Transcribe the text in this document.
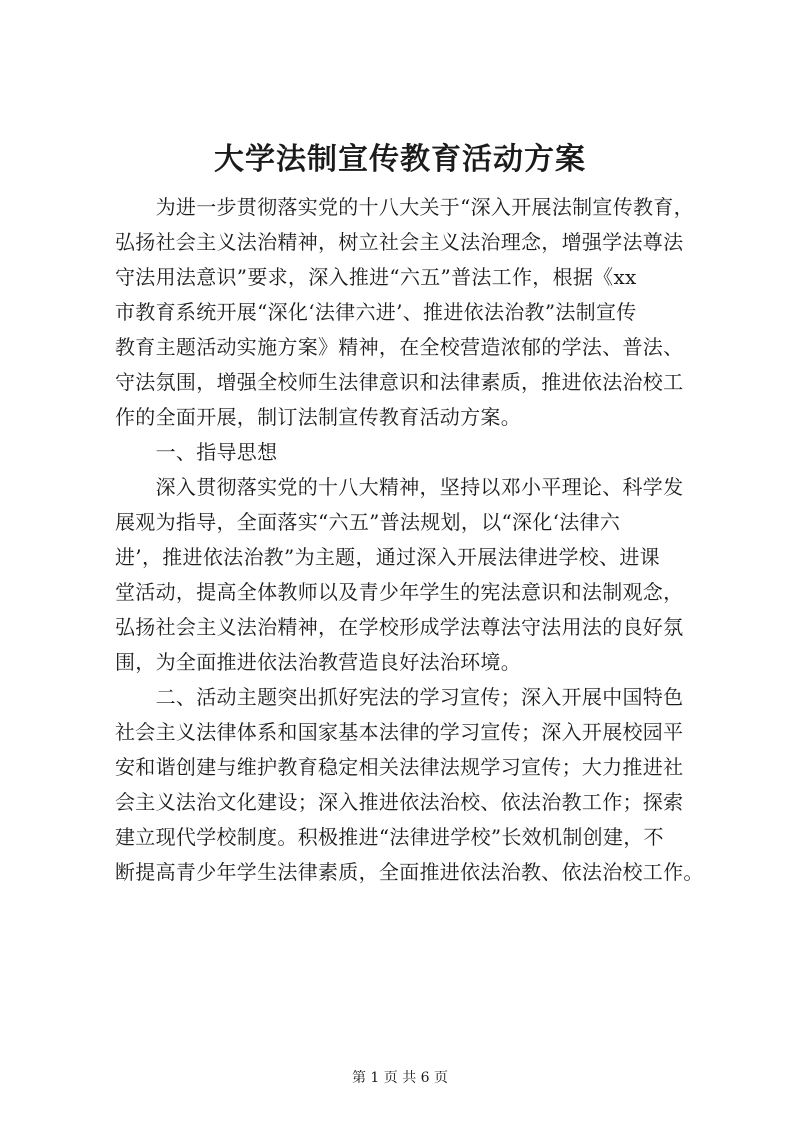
大学法制宣传教育活动方案
　　为进一步贯彻落实党的十八大关于“深入开展法制宣传教育，
弘扬社会主义法治精神，树立社会主义法治理念，增强学法尊法
守法用法意识”要求，深入推进“六五”普法工作，根据《xx
市教育系统开展“深化‘法律六进’、推进依法治教”法制宣传
教育主题活动实施方案》精神，在全校营造浓郁的学法、普法、
守法氛围，增强全校师生法律意识和法律素质，推进依法治校工
作的全面开展，制订法制宣传教育活动方案。
　　一、指导思想
　　深入贯彻落实党的十八大精神，坚持以邓小平理论、科学发
展观为指导，全面落实“六五”普法规划，以“深化‘法律六
进’，推进依法治教”为主题，通过深入开展法律进学校、进课
堂活动，提高全体教师以及青少年学生的宪法意识和法制观念，
弘扬社会主义法治精神，在学校形成学法尊法守法用法的良好氛
围，为全面推进依法治教营造良好法治环境。
　　二、活动主题突出抓好宪法的学习宣传；深入开展中国特色
社会主义法律体系和国家基本法律的学习宣传；深入开展校园平
安和谐创建与维护教育稳定相关法律法规学习宣传；大力推进社
会主义法治文化建设；深入推进依法治校、依法治教工作；探索
建立现代学校制度。积极推进“法律进学校”长效机制创建，不
断提高青少年学生法律素质，全面推进依法治教、依法治校工作。
第 1 页 共 6 页
